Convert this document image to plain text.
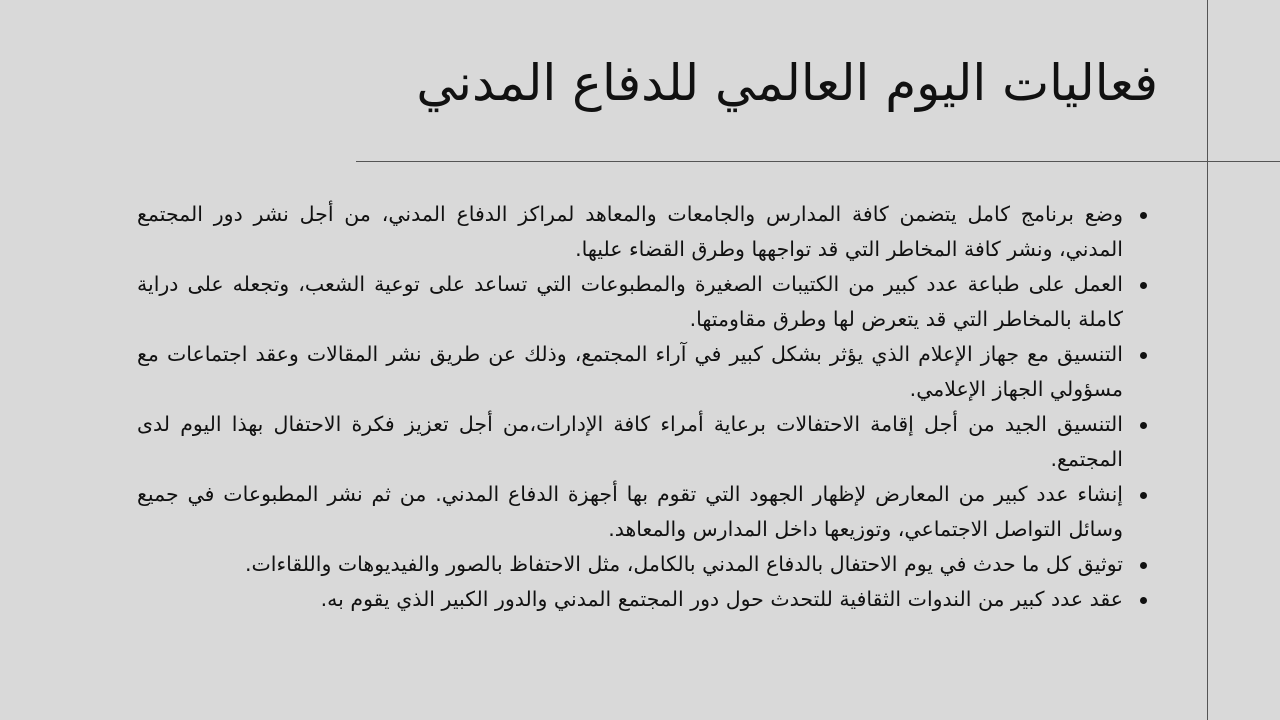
فعاليات اليوم العالمي للدفاع المدني
وضع برنامج كامل يتضمن كافة المدارس والجامعات والمعاهد لمراكز الدفاع المدني، من أجل نشر دور المجتمع المدني، ونشر كافة المخاطر التي قد تواجهها وطرق القضاء عليها.
العمل على طباعة عدد كبير من الكتيبات الصغيرة والمطبوعات التي تساعد على توعية الشعب، وتجعله على دراية كاملة بالمخاطر التي قد يتعرض لها وطرق مقاومتها.
التنسيق مع جهاز الإعلام الذي يؤثر بشكل كبير في آراء المجتمع، وذلك عن طريق نشر المقالات وعقد اجتماعات مع مسؤولي الجهاز الإعلامي.
التنسيق الجيد من أجل إقامة الاحتفالات برعاية أمراء كافة الإدارات،من أجل تعزيز فكرة الاحتفال بهذا اليوم لدى المجتمع.
إنشاء عدد كبير من المعارض لإظهار الجهود التي تقوم بها أجهزة الدفاع المدني. من ثم نشر المطبوعات في جميع وسائل التواصل الاجتماعي، وتوزيعها داخل المدارس والمعاهد.
توثيق كل ما حدث في يوم الاحتفال بالدفاع المدني بالكامل، مثل الاحتفاظ بالصور والفيديوهات واللقاءات.
عقد عدد كبير من الندوات الثقافية للتحدث حول دور المجتمع المدني والدور الكبير الذي يقوم به.
